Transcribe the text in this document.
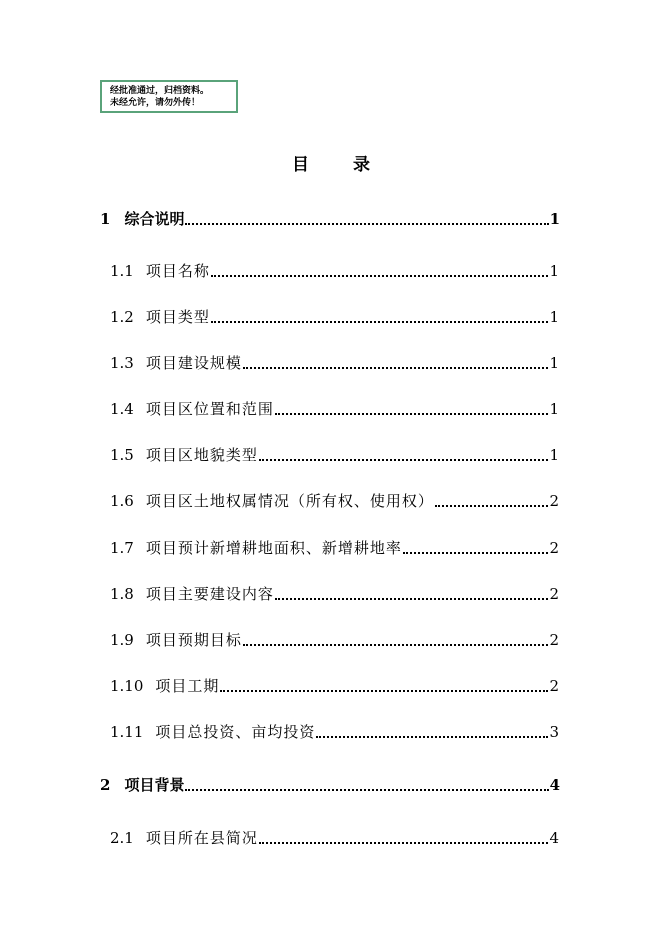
经批准通过，归档资料。
未经允许，请勿外传！
目	录
1 综合说明	1
1.1 项目名称	1
1.2 项目类型	1
1.3 项目建设规模	1
1.4 项目区位置和范围	1
1.5 项目区地貌类型	1
1.6 项目区土地权属情况（所有权、使用权）	2
1.7 项目预计新增耕地面积、新增耕地率	2
1.8 项目主要建设内容	2
1.9 项目预期目标	2
1.10 项目工期	2
1.11 项目总投资、亩均投资	3
2 项目背景	4
2.1 项目所在县简况	4
